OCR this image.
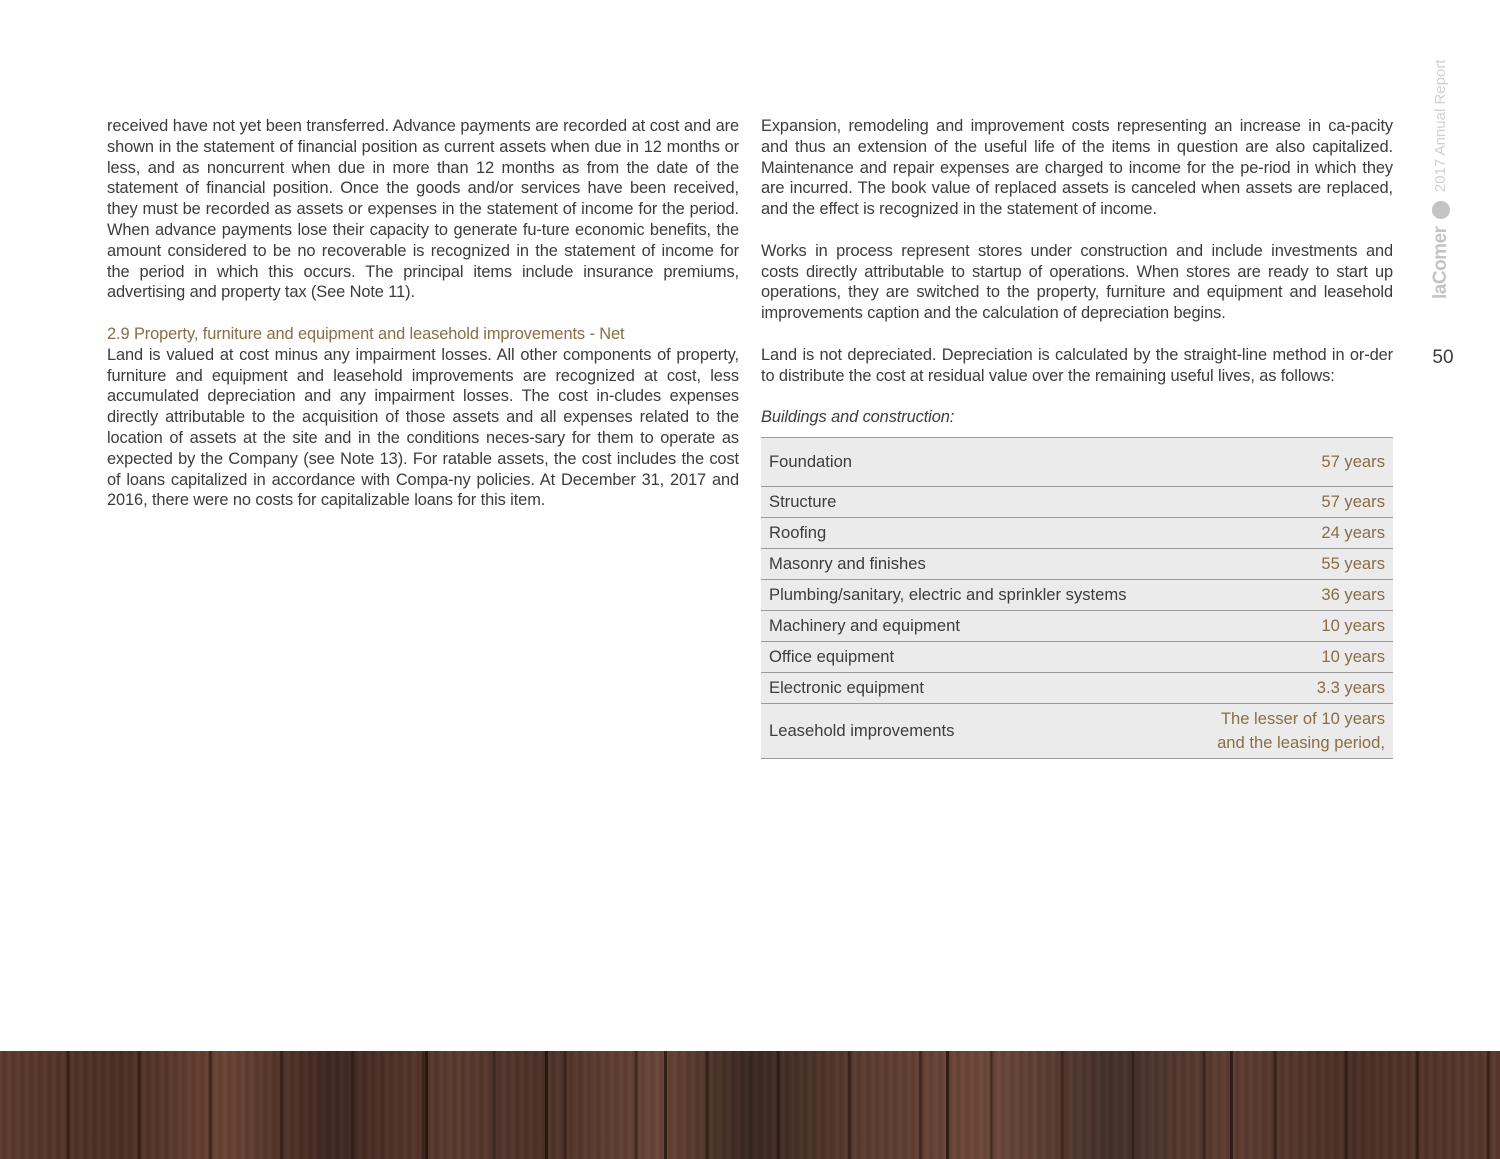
received have not yet been transferred. Advance payments are recorded at cost and are shown in the statement of financial position as current assets when due in 12 months or less, and as noncurrent when due in more than 12 months as from the date of the statement of financial position. Once the goods and/or services have been received, they must be recorded as assets or expenses in the statement of income for the period. When advance payments lose their capacity to generate fu-ture economic benefits, the amount considered to be no recoverable is recognized in the statement of income for the period in which this occurs. The principal items include insurance premiums, advertising and property tax (See Note 11).

2.9 Property, furniture and equipment and leasehold improvements - Net

Land is valued at cost minus any impairment losses. All other components of property, furniture and equipment and leasehold improvements are recognized at cost, less accumulated depreciation and any impairment losses. The cost in-cludes expenses directly attributable to the acquisition of those assets and all expenses related to the location of assets at the site and in the conditions neces-sary for them to operate as expected by the Company (see Note 13). For ratable assets, the cost includes the cost of loans capitalized in accordance with Compa-ny policies. At December 31, 2017 and 2016, there were no costs for capitalizable loans for this item.

Expansion, remodeling and improvement costs representing an increase in ca-pacity and thus an extension of the useful life of the items in question are also capitalized. Maintenance and repair expenses are charged to income for the pe-riod in which they are incurred. The book value of replaced assets is canceled when assets are replaced, and the effect is recognized in the statement of income.

Works in process represent stores under construction and include investments and costs directly attributable to startup of operations. When stores are ready to start up operations, they are switched to the property, furniture and equipment and leasehold improvements caption and the calculation of depreciation begins.

Land is not depreciated. Depreciation is calculated by the straight-line method in or-der to distribute the cost at residual value over the remaining useful lives, as follows:

Buildings and construction:

Foundation	57 years
Structure	57 years
Roofing	24 years
Masonry and finishes	55 years
Plumbing/sanitary, electric and sprinkler systems	36 years
Machinery and equipment	10 years
Office equipment	10 years
Electronic equipment	3.3 years
Leasehold improvements	The lesser of 10 years
and the leasing period,
laComer  2017 Annual Report
50
